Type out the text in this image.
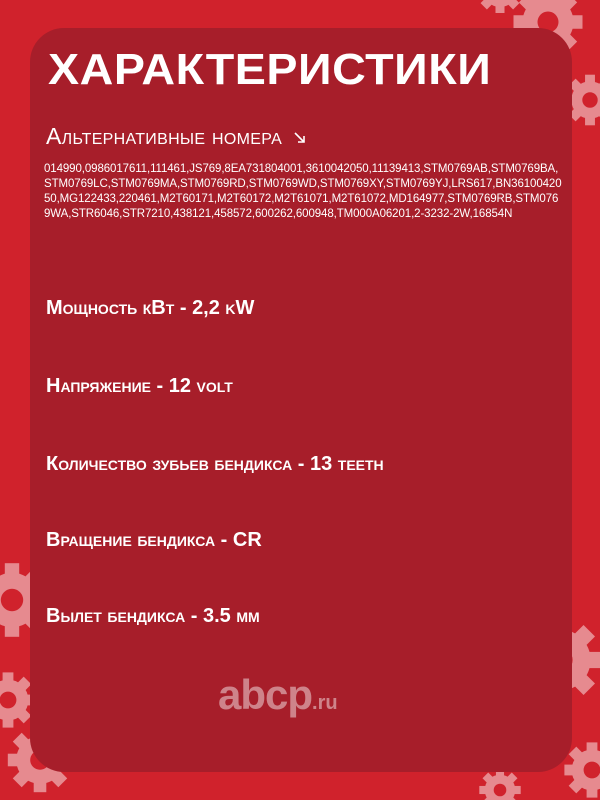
ХАРАКТЕРИСТИКИ
Альтернативные номера
014990,0986017611,111461,JS769,8EA731804001,3610042050,11139413,STM0769AB,STM0769BA,STM0769LC,STM0769MA,STM0769RD,STM0769WD,STM0769XY,STM0769YJ,LRS617,BN3610042050,MG122433,220461,M2T60171,M2T60172,M2T61071,M2T61072,MD164977,STM0769RB,STM0769WA,STR6046,STR7210,438121,458572,600262,600948,TM000A06201,2-3232-2W,16854N
Мощность кВт - 2,2 kW
Напряжение - 12 volt
Количество зубьев бендикса - 13 teeth
Вращение бендикса - CR
Вылет бендикса - 3.5 мм
abcp.ru
